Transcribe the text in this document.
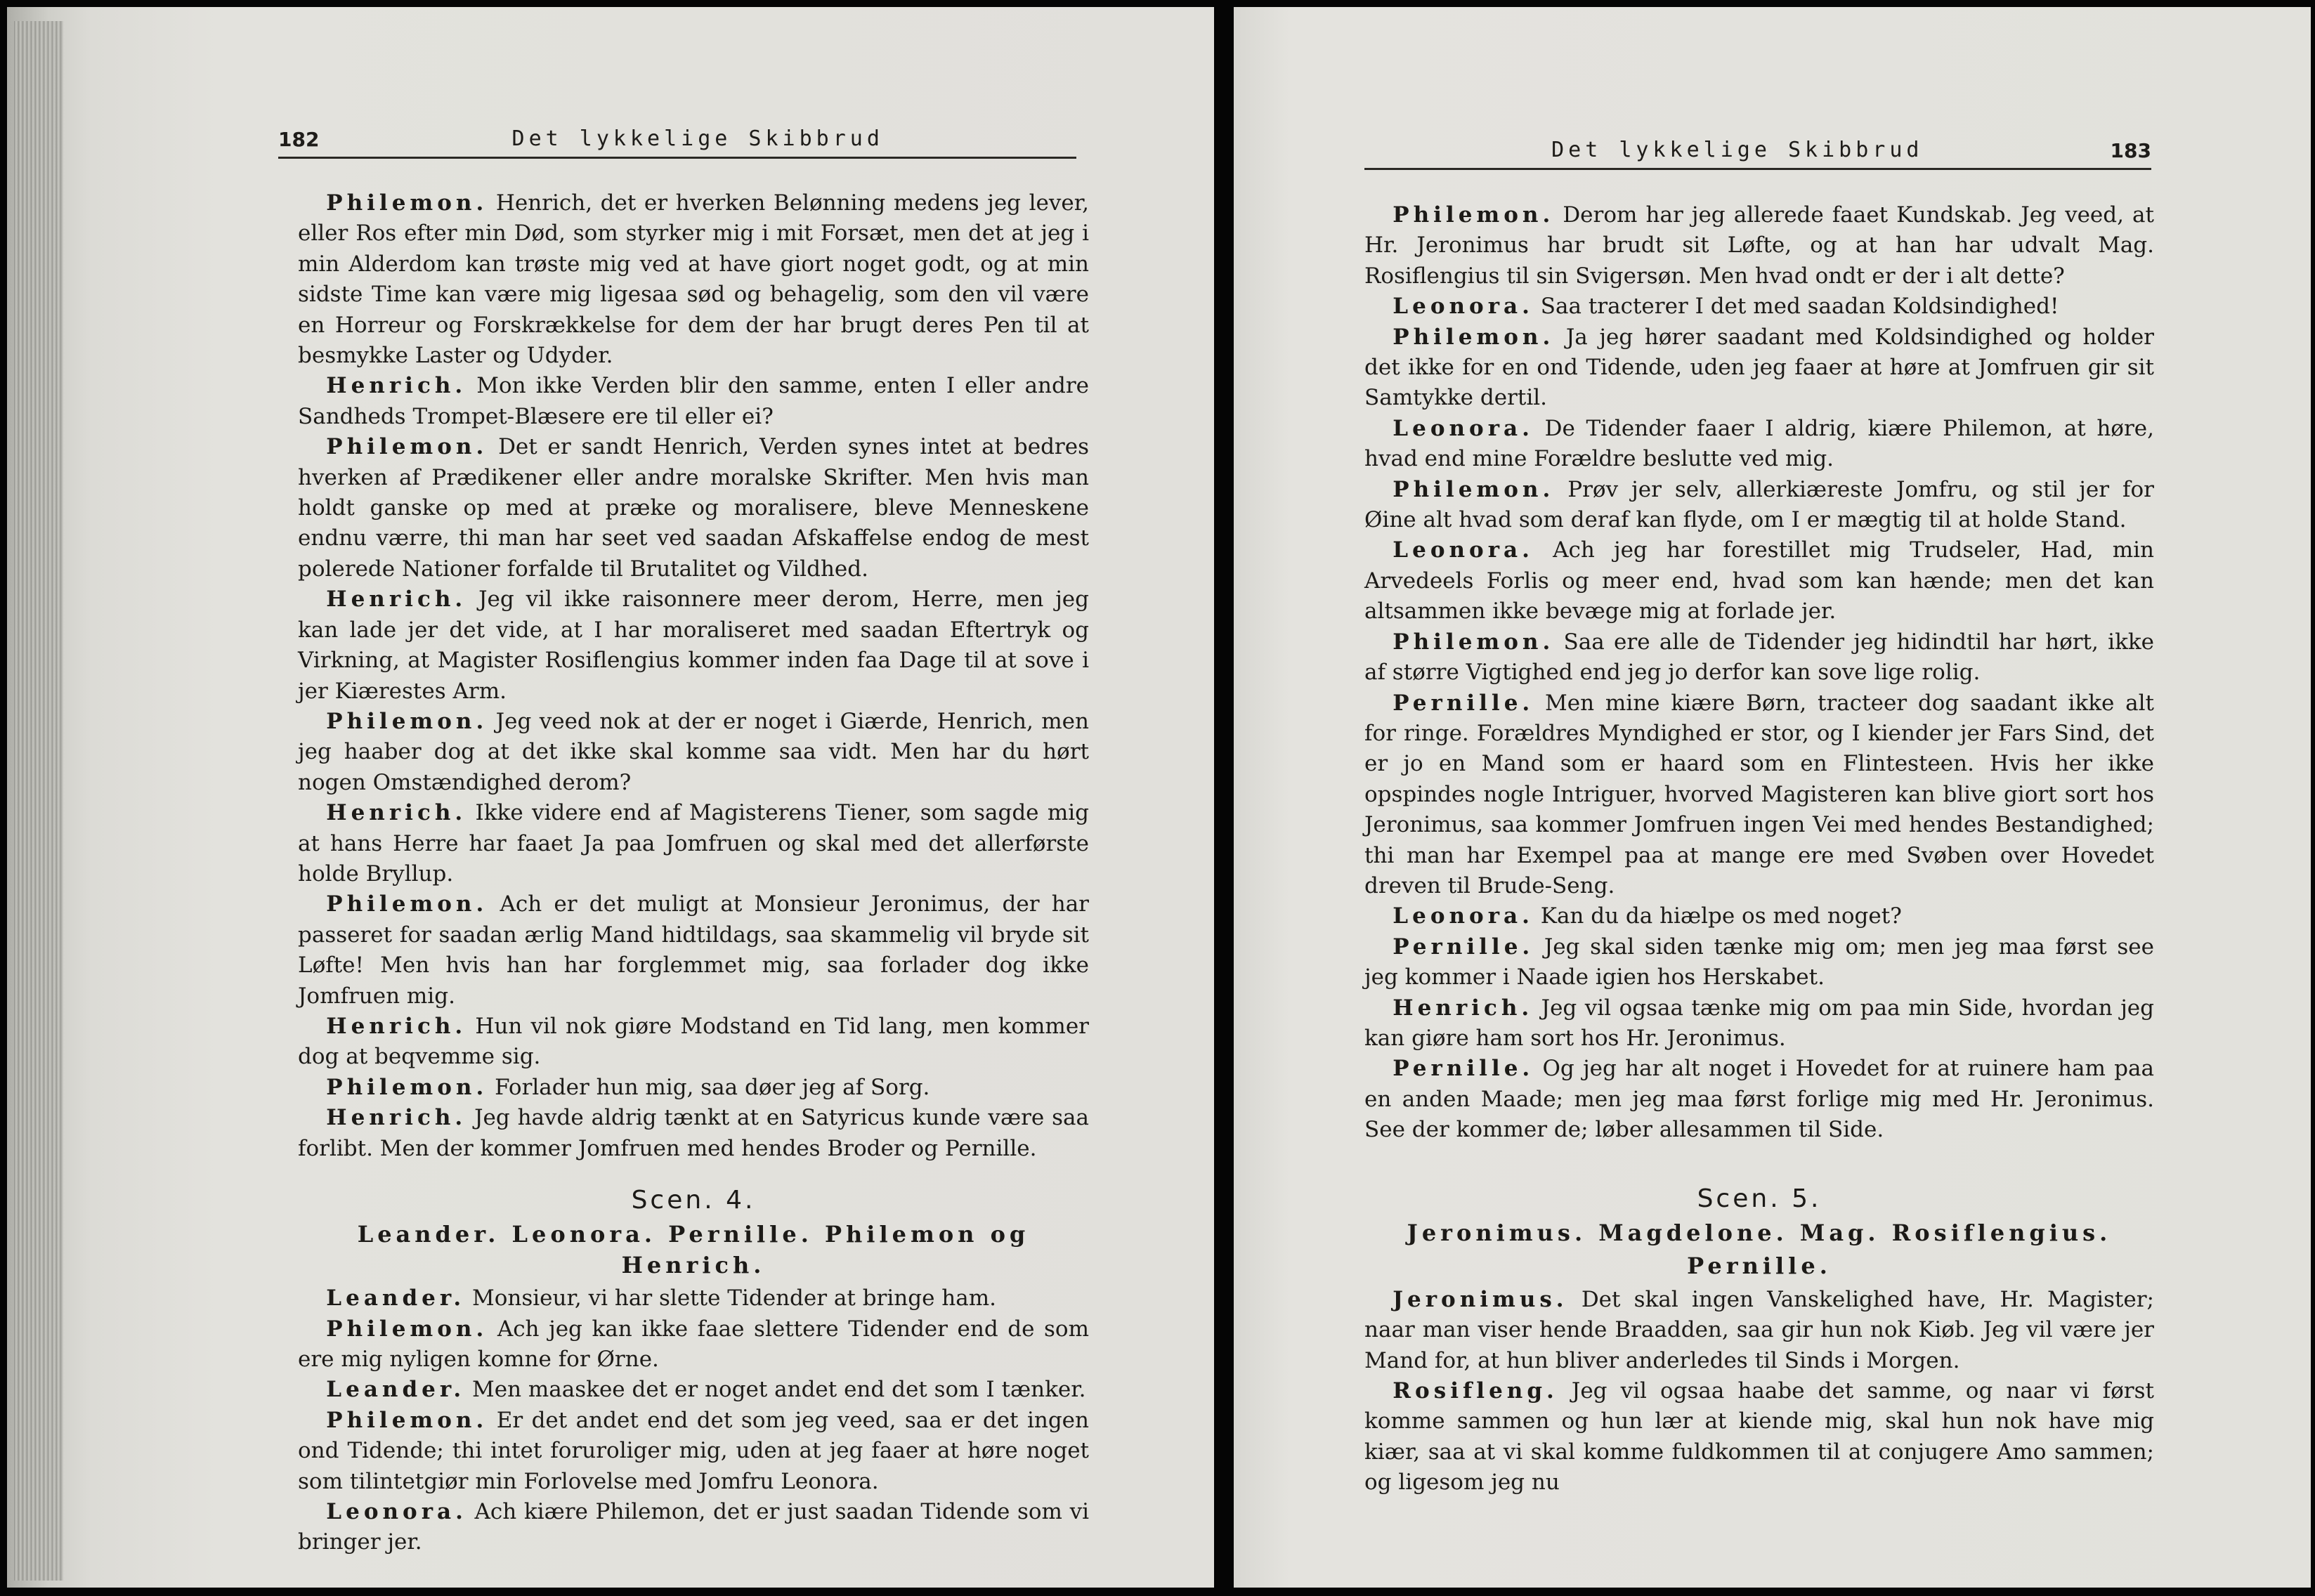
182	Det lykkelige Skibbrud

Philemon. Henrich, det er hverken Belønning medens jeg lever, eller Ros efter min Død, som styrker mig i mit Forsæt, men det at jeg i min Alderdom kan trøste mig ved at have giort noget godt, og at min sidste Time kan være mig ligesaa sød og behagelig, som den vil være en Horreur og Forskrækkelse for dem der har brugt deres Pen til at besmykke Laster og Udyder.

Henrich. Mon ikke Verden blir den samme, enten I eller andre Sandheds Trompet-Blæsere ere til eller ei?

Philemon. Det er sandt Henrich, Verden synes intet at bedres hverken af Prædikener eller andre moralske Skrifter. Men hvis man holdt ganske op med at præke og moralisere, bleve Menneskene endnu værre, thi man har seet ved saadan Afskaffelse endog de mest polerede Nationer forfalde til Brutalitet og Vildhed.

Henrich. Jeg vil ikke raisonnere meer derom, Herre, men jeg kan lade jer det vide, at I har moraliseret med saadan Eftertryk og Virkning, at Magister Rosiflengius kommer inden faa Dage til at sove i jer Kiærestes Arm.

Philemon. Jeg veed nok at der er noget i Giærde, Henrich, men jeg haaber dog at det ikke skal komme saa vidt. Men har du hørt nogen Omstændighed derom?

Henrich. Ikke videre end af Magisterens Tiener, som sagde mig at hans Herre har faaet Ja paa Jomfruen og skal med det allerførste holde Bryllup.

Philemon. Ach er det muligt at Monsieur Jeronimus, der har passeret for saadan ærlig Mand hidtildags, saa skammelig vil bryde sit Løfte! Men hvis han har forglemmet mig, saa forlader dog ikke Jomfruen mig.

Henrich. Hun vil nok giøre Modstand en Tid lang, men kommer dog at beqvemme sig.

Philemon. Forlader hun mig, saa døer jeg af Sorg.

Henrich. Jeg havde aldrig tænkt at en Satyricus kunde være saa forlibt. Men der kommer Jomfruen med hendes Broder og Pernille.

Scen. 4.
Leander. Leonora. Pernille. Philemon og Henrich.

Leander. Monsieur, vi har slette Tidender at bringe ham.

Philemon. Ach jeg kan ikke faae slettere Tidender end de som ere mig nyligen komne for Ørne.

Leander. Men maaskee det er noget andet end det som I tænker.

Philemon. Er det andet end det som jeg veed, saa er det ingen ond Tidende; thi intet foruroliger mig, uden at jeg faaer at høre noget som tilintetgiør min Forlovelse med Jomfru Leonora.

Leonora. Ach kiære Philemon, det er just saadan Tidende som vi bringer jer.

Det lykkelige Skibbrud	183

Philemon. Derom har jeg allerede faaet Kundskab. Jeg veed, at Hr. Jeronimus har brudt sit Løfte, og at han har udvalt Mag. Rosiflengius til sin Svigersøn. Men hvad ondt er der i alt dette?

Leonora. Saa tracterer I det med saadan Koldsindighed!

Philemon. Ja jeg hører saadant med Koldsindighed og holder det ikke for en ond Tidende, uden jeg faaer at høre at Jomfruen gir sit Samtykke dertil.

Leonora. De Tidender faaer I aldrig, kiære Philemon, at høre, hvad end mine Forældre beslutte ved mig.

Philemon. Prøv jer selv, allerkiæreste Jomfru, og stil jer for Øine alt hvad som deraf kan flyde, om I er mægtig til at holde Stand.

Leonora. Ach jeg har forestillet mig Trudseler, Had, min Arvedeels Forlis og meer end, hvad som kan hænde; men det kan altsammen ikke bevæge mig at forlade jer.

Philemon. Saa ere alle de Tidender jeg hidindtil har hørt, ikke af større Vigtighed end jeg jo derfor kan sove lige rolig.

Pernille. Men mine kiære Børn, tracteer dog saadant ikke alt for ringe. Forældres Myndighed er stor, og I kiender jer Fars Sind, det er jo en Mand som er haard som en Flintesteen. Hvis her ikke opspindes nogle Intriguer, hvorved Magisteren kan blive giort sort hos Jeronimus, saa kommer Jomfruen ingen Vei med hendes Bestandighed; thi man har Exempel paa at mange ere med Svøben over Hovedet dreven til Brude-Seng.

Leonora. Kan du da hiælpe os med noget?

Pernille. Jeg skal siden tænke mig om; men jeg maa først see jeg kommer i Naade igien hos Herskabet.

Henrich. Jeg vil ogsaa tænke mig om paa min Side, hvordan jeg kan giøre ham sort hos Hr. Jeronimus.

Pernille. Og jeg har alt noget i Hovedet for at ruinere ham paa en anden Maade; men jeg maa først forlige mig med Hr. Jeronimus. See der kommer de; løber allesammen til Side.

Scen. 5.
Jeronimus. Magdelone. Mag. Rosiflengius.
Pernille.

Jeronimus. Det skal ingen Vanskelighed have, Hr. Magister; naar man viser hende Braadden, saa gir hun nok Kiøb. Jeg vil være jer Mand for, at hun bliver anderledes til Sinds i Morgen.

Rosifleng. Jeg vil ogsaa haabe det samme, og naar vi først komme sammen og hun lær at kiende mig, skal hun nok have mig kiær, saa at vi skal komme fuldkommen til at conjugere Amo sammen; og ligesom jeg nu
